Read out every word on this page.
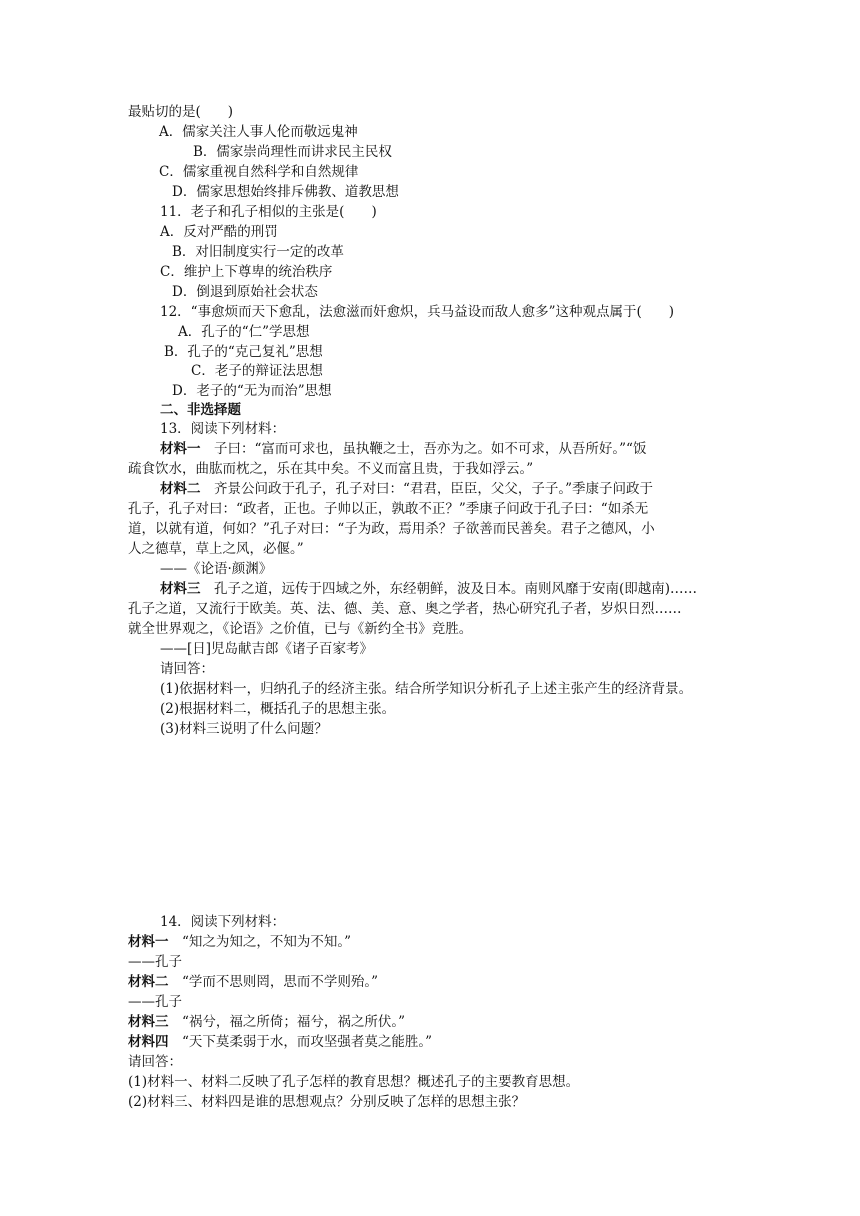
最贴切的是(　　)
A．儒家关注人事人伦而敬远鬼神
B．儒家崇尚理性而讲求民主民权
C．儒家重视自然科学和自然规律
D．儒家思想始终排斥佛教、道教思想
11．老子和孔子相似的主张是(　　)
A．反对严酷的刑罚
B．对旧制度实行一定的改革
C．维护上下尊卑的统治秩序
D．倒退到原始社会状态
12．“事愈烦而天下愈乱，法愈滋而奸愈炽，兵马益设而敌人愈多”这种观点属于(　　)
A．孔子的“仁”学思想
B．孔子的“克己复礼”思想
C．老子的辩证法思想
D．老子的“无为而治”思想
二、非选择题
13．阅读下列材料：
材料一　 子曰：“富而可求也，虽执鞭之士，吾亦为之。如不可求，从吾所好。”“饭
疏食饮水，曲肱而枕之，乐在其中矣。不义而富且贵，于我如浮云。”
材料二　 齐景公问政于孔子，孔子对曰：“君君，臣臣，父父，子子。”季康子问政于
孔子，孔子对曰：“政者，正也。子帅以正，孰敢不正？”季康子问政于孔子曰：“如杀无
道，以就有道，何如？”孔子对曰：“子为政，焉用杀？子欲善而民善矣。君子之德风，小
人之德草，草上之风，必偃。”
——《论语·颜渊》
材料三　 孔子之道，远传于四域之外，东经朝鲜，波及日本。南则风靡于安南(即越南)……
孔子之道，又流行于欧美。英、法、德、美、意、奥之学者，热心研究孔子者，岁炽日烈……
就全世界观之，《论语》之价值，已与《新约全书》竞胜。
——[日]児岛献吉郎《诸子百家考》
请回答：
(1)依据材料一，归纳孔子的经济主张。结合所学知识分析孔子上述主张产生的经济背景。
(2)根据材料二，概括孔子的思想主张。
(3)材料三说明了什么问题？
14．阅读下列材料：
材料一　 “知之为知之，不知为不知。”
——孔子
材料二　 “学而不思则罔，思而不学则殆。”
——孔子
材料三　 “祸兮，福之所倚；福兮，祸之所伏。”
材料四　 “天下莫柔弱于水，而攻坚强者莫之能胜。”
请回答：
(1)材料一、材料二反映了孔子怎样的教育思想？概述孔子的主要教育思想。
(2)材料三、材料四是谁的思想观点？分别反映了怎样的思想主张？
